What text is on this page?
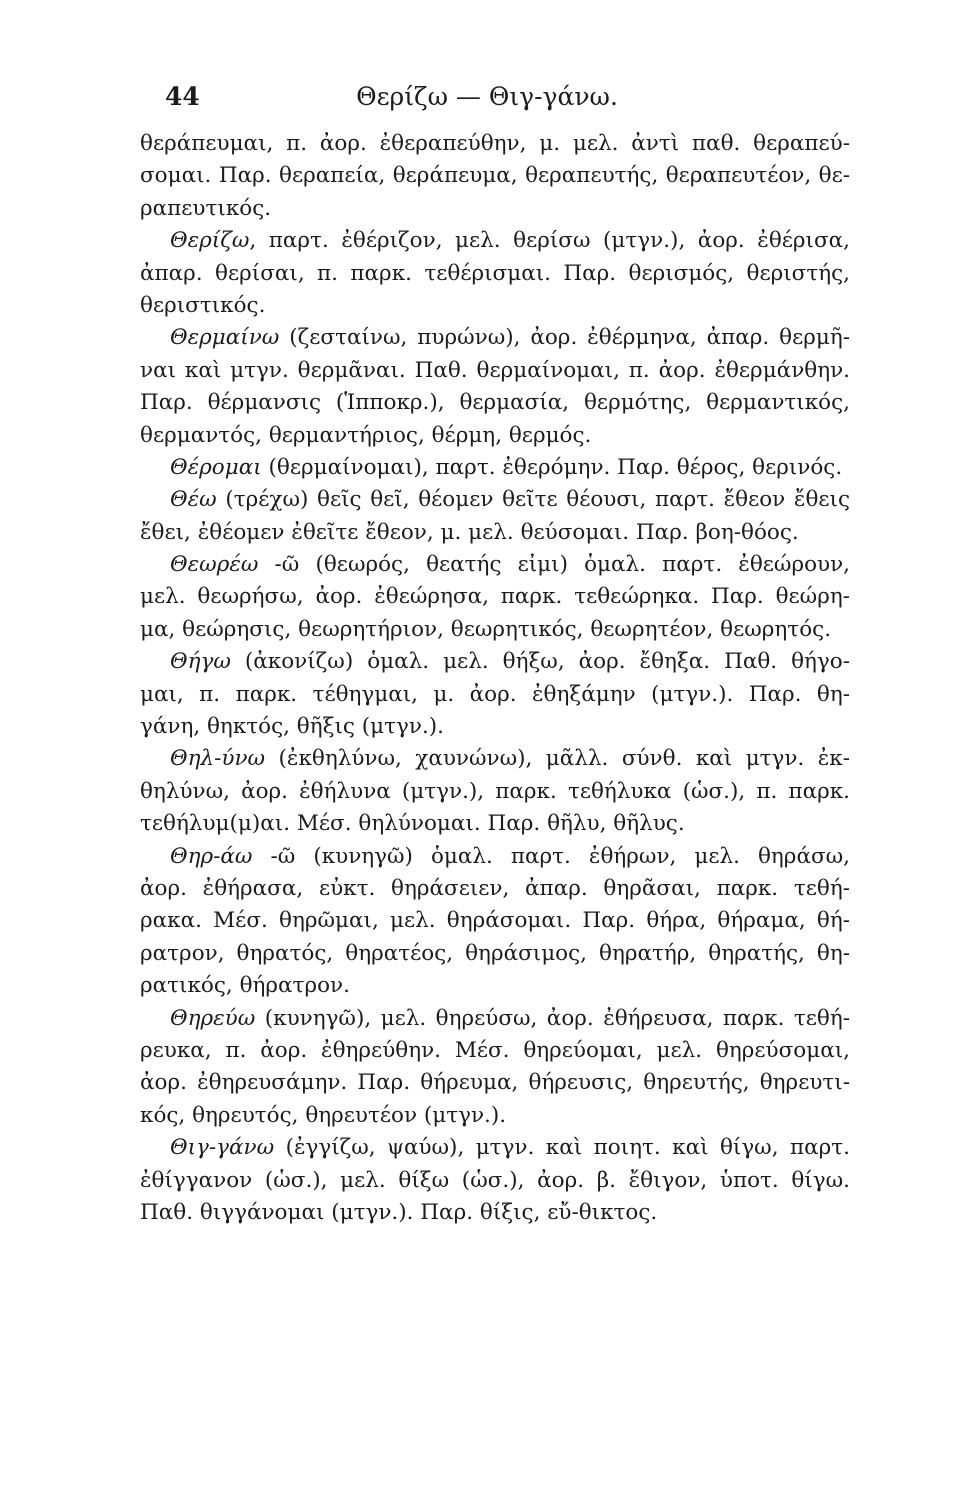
44	Θερίζω — Θιγ-γάνω.
θεράπευμαι, π. ἀορ. ἐθεραπεύθην, μ. μελ. ἀντὶ παθ. θεραπεύ-
σομαι. Παρ. θεραπεία, θεράπευμα, θεραπευτής, θεραπευτέον, θε-
ραπευτικός.
Θερίζω, παρτ. ἐθέριζον, μελ. θερίσω (μτγν.), ἀορ. ἐθέρισα,
ἀπαρ. θερίσαι, π. παρκ. τεθέρισμαι. Παρ. θερισμός, θεριστής,
θεριστικός.
Θερμαίνω (ζεσταίνω, πυρώνω), ἀορ. ἐθέρμηνα, ἀπαρ. θερμῆ-
ναι καὶ μτγν. θερμᾶναι. Παθ. θερμαίνομαι, π. ἀορ. ἐθερμάνθην.
Παρ. θέρμανσις (Ἱπποκρ.), θερμασία, θερμότης, θερμαντικός,
θερμαντός, θερμαντήριος, θέρμη, θερμός.
Θέρομαι (θερμαίνομαι), παρτ. ἐθερόμην. Παρ. θέρος, θερινός.
Θέω (τρέχω) θεῖς θεῖ, θέομεν θεῖτε θέουσι, παρτ. ἔθεον ἔθεις
ἔθει, ἐθέομεν ἐθεῖτε ἔθεον, μ. μελ. θεύσομαι. Παρ. βοη-θόος.
Θεωρέω -ῶ (θεωρός, θεατής εἰμι) ὁμαλ. παρτ. ἐθεώρουν,
μελ. θεωρήσω, ἀορ. ἐθεώρησα, παρκ. τεθεώρηκα. Παρ. θεώρη-
μα, θεώρησις, θεωρητήριον, θεωρητικός, θεωρητέον, θεωρητός.
Θήγω (ἀκονίζω) ὁμαλ. μελ. θήξω, ἀορ. ἔθηξα. Παθ. θήγο-
μαι, π. παρκ. τέθηγμαι, μ. ἀορ. ἐθηξάμην (μτγν.). Παρ. θη-
γάνη, θηκτός, θῆξις (μτγν.).
Θηλ-ύνω (ἐκθηλύνω, χαυνώνω), μᾶλλ. σύνθ. καὶ μτγν. ἐκ-
θηλύνω, ἀορ. ἐθήλυνα (μτγν.), παρκ. τεθήλυκα (ὡσ.), π. παρκ.
τεθήλυμ(μ)αι. Μέσ. θηλύνομαι. Παρ. θῆλυ, θῆλυς.
Θηρ-άω -ῶ (κυνηγῶ) ὁμαλ. παρτ. ἐθήρων, μελ. θηράσω,
ἀορ. ἐθήρασα, εὐκτ. θηράσειεν, ἀπαρ. θηρᾶσαι, παρκ. τεθή-
ρακα. Μέσ. θηρῶμαι, μελ. θηράσομαι. Παρ. θήρα, θήραμα, θή-
ρατρον, θηρατός, θηρατέος, θηράσιμος, θηρατήρ, θηρατής, θη-
ρατικός, θήρατρον.
Θηρεύω (κυνηγῶ), μελ. θηρεύσω, ἀορ. ἐθήρευσα, παρκ. τεθή-
ρευκα, π. ἀορ. ἐθηρεύθην. Μέσ. θηρεύομαι, μελ. θηρεύσομαι,
ἀορ. ἐθηρευσάμην. Παρ. θήρευμα, θήρευσις, θηρευτής, θηρευτι-
κός, θηρευτός, θηρευτέον (μτγν.).
Θιγ-γάνω (ἐγγίζω, ψαύω), μτγν. καὶ ποιητ. καὶ θίγω, παρτ.
ἐθίγγανον (ὡσ.), μελ. θίξω (ὡσ.), ἀορ. β. ἔθιγον, ὑποτ. θίγω.
Παθ. θιγγάνομαι (μτγν.). Παρ. θίξις, εὔ-θικτος.
